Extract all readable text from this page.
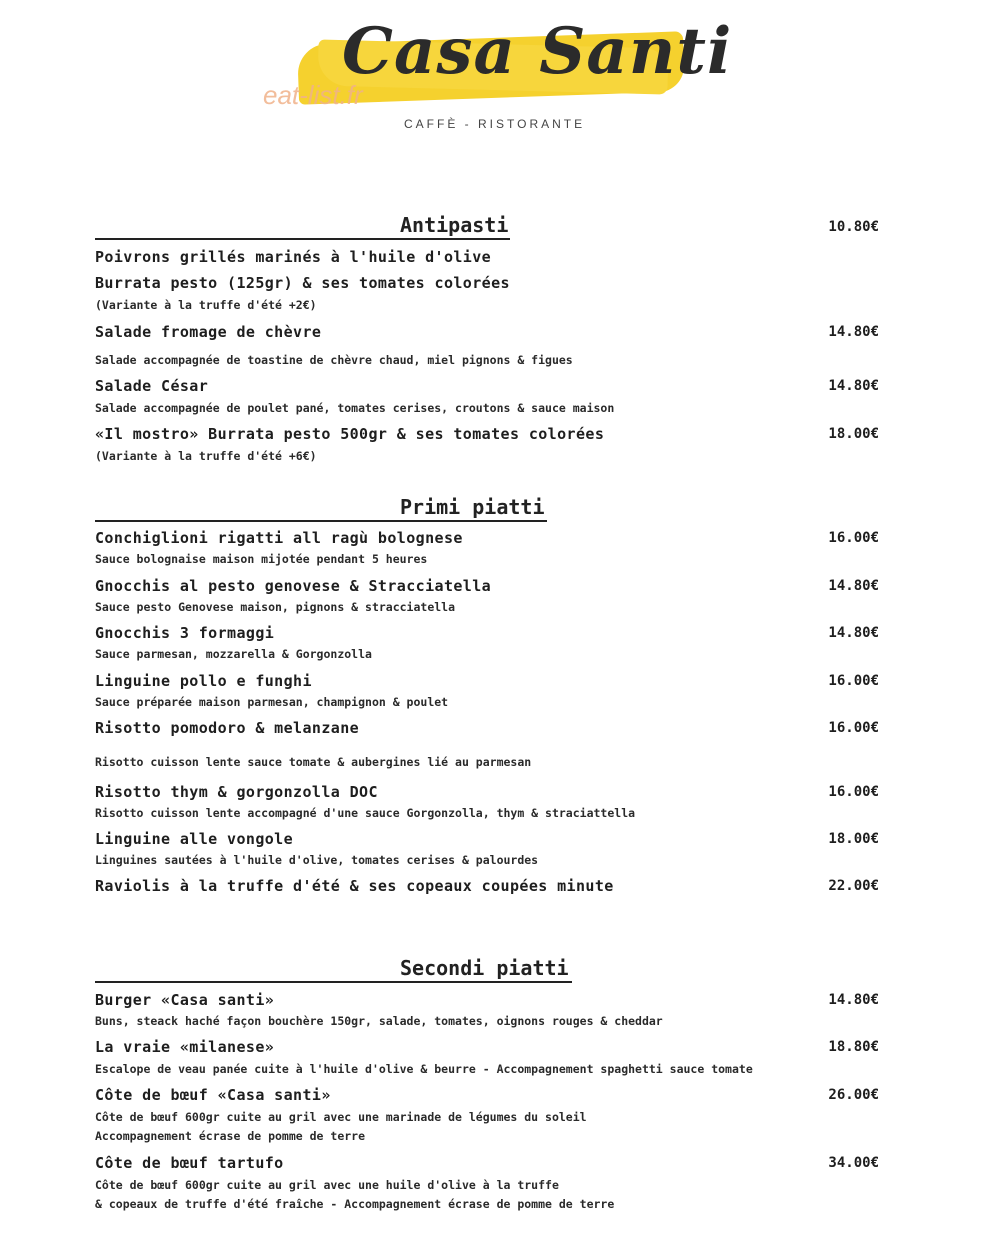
Casa Santi
eat-list.fr
CAFFÈ - RISTORANTE
Antipasti	10.80€
Poivrons grillés marinés à l'huile d'olive
Burrata pesto (125gr) & ses tomates colorées
(Variante à la truffe d'été +2€)
Salade fromage de chèvre	14.80€
Salade accompagnée de toastine de chèvre chaud, miel pignons & figues
Salade César	14.80€
Salade accompagnée de poulet pané, tomates cerises, croutons & sauce maison
«Il mostro» Burrata pesto 500gr & ses tomates colorées	18.00€
(Variante à la truffe d'été +6€)
Primi piatti
Conchiglioni rigatti all ragù bolognese	16.00€
Sauce bolognaise maison mijotée pendant 5 heures
Gnocchis al pesto genovese & Stracciatella	14.80€
Sauce pesto Genovese maison, pignons & stracciatella
Gnocchis 3 formaggi	14.80€
Sauce parmesan, mozzarella & Gorgonzolla
Linguine pollo e funghi	16.00€
Sauce préparée maison parmesan, champignon & poulet
Risotto pomodoro & melanzane	16.00€
Risotto cuisson lente sauce tomate & aubergines lié au parmesan
Risotto thym & gorgonzolla DOC	16.00€
Risotto cuisson lente accompagné d'une sauce Gorgonzolla, thym & straciattella
Linguine alle vongole	18.00€
Linguines sautées à l'huile d'olive, tomates cerises & palourdes
Raviolis à la truffe d'été & ses copeaux coupées minute	22.00€
Secondi piatti
Burger «Casa santi»	14.80€
Buns, steack haché façon bouchère 150gr, salade, tomates, oignons rouges & cheddar
La vraie «milanese»	18.80€
Escalope de veau panée cuite à l'huile d'olive & beurre - Accompagnement spaghetti sauce tomate
Côte de bœuf «Casa santi»	26.00€
Côte de bœuf 600gr cuite au gril avec une marinade de légumes du soleil
Accompagnement écrase de pomme de terre
Côte de bœuf tartufo	34.00€
Côte de bœuf 600gr cuite au gril avec une huile d'olive à la truffe
& copeaux de truffe d'été fraîche - Accompagnement écrase de pomme de terre
